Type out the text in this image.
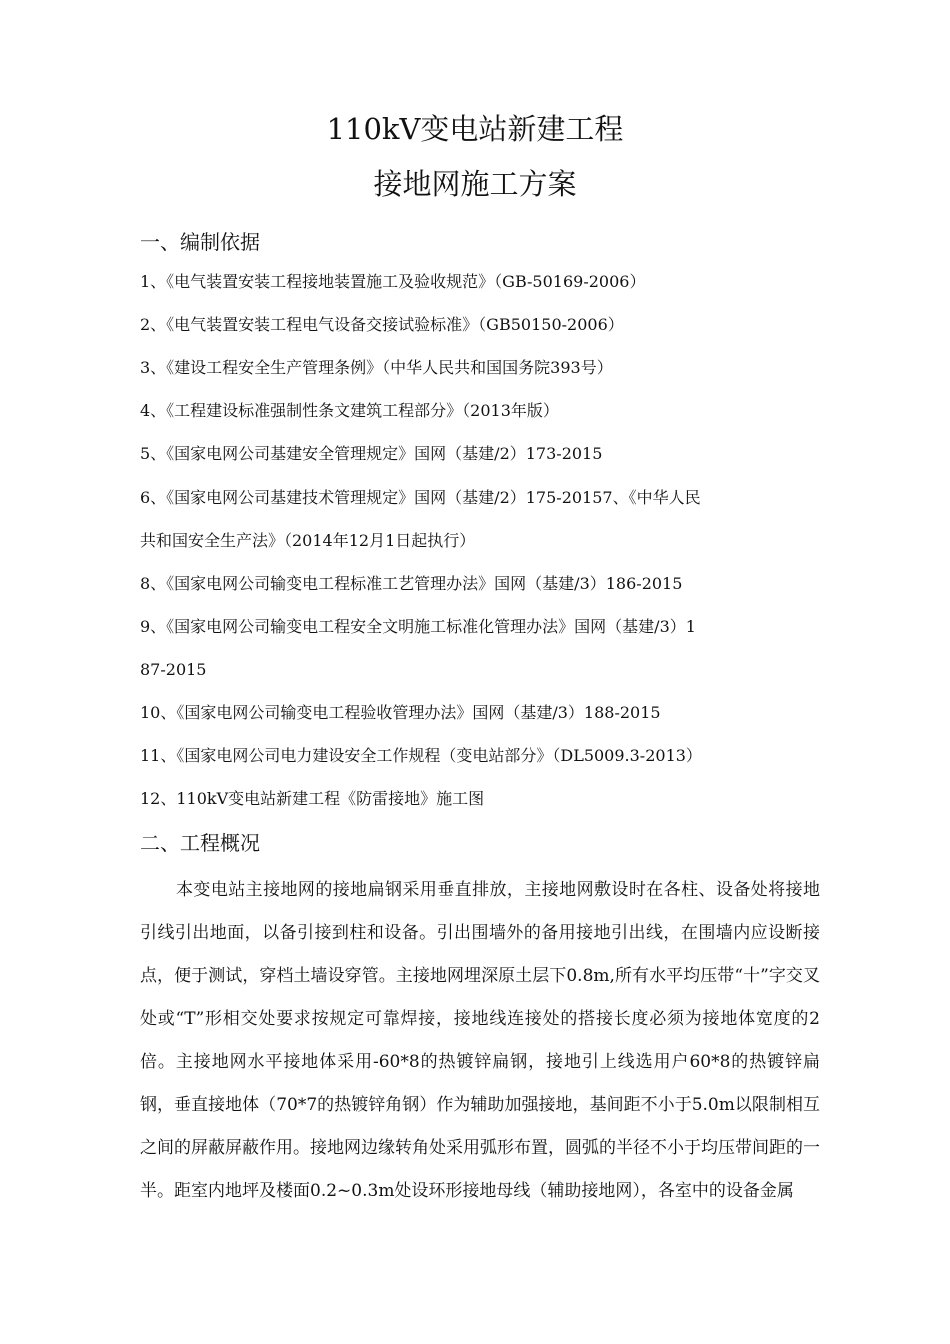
110kV变电站新建工程
接地网施工方案
一、编制依据
1、《电气装置安装工程接地装置施工及验收规范》（GB-50169-2006）
2、《电气装置安装工程电气设备交接试验标准》（GB50150-2006）
3、《建设工程安全生产管理条例》（中华人民共和国国务院393号）
4、《工程建设标准强制性条文建筑工程部分》（2013年版）
5、《国家电网公司基建安全管理规定》国网（基建/2）173-2015
6、《国家电网公司基建技术管理规定》国网（基建/2）175-20157、《中华人民
共和国安全生产法》（2014年12月1日起执行）
8、《国家电网公司输变电工程标准工艺管理办法》国网（基建/3）186-2015
9、《国家电网公司输变电工程安全文明施工标准化管理办法》国网（基建/3）1
87-2015
10、《国家电网公司输变电工程验收管理办法》国网（基建/3）188-2015
11、《国家电网公司电力建设安全工作规程（变电站部分》（DL5009.3-2013）
12、110kV变电站新建工程《防雷接地》施工图
二、工程概况
本变电站主接地网的接地扁钢采用垂直排放，主接地网敷设时在各柱、设备处将接地引线引出地面，以备引接到柱和设备。引出围墙外的备用接地引出线，在围墙内应设断接点，便于测试，穿档土墙设穿管。主接地网埋深原土层下0.8m,所有水平均压带“十”字交叉处或“T”形相交处要求按规定可靠焊接，接地线连接处的搭接长度必须为接地体宽度的2倍。主接地网水平接地体采用-60*8的热镀锌扁钢，接地引上线选用户60*8的热镀锌扁钢，垂直接地体（70*7的热镀锌角钢）作为辅助加强接地，基间距不小于5.0m以限制相互之间的屏蔽屏蔽作用。接地网边缘转角处采用弧形布置，圆弧的半径不小于均压带间距的一半。距室内地坪及楼面0.2~0.3m处设环形接地母线（辅助接地网），各室中的设备金属
